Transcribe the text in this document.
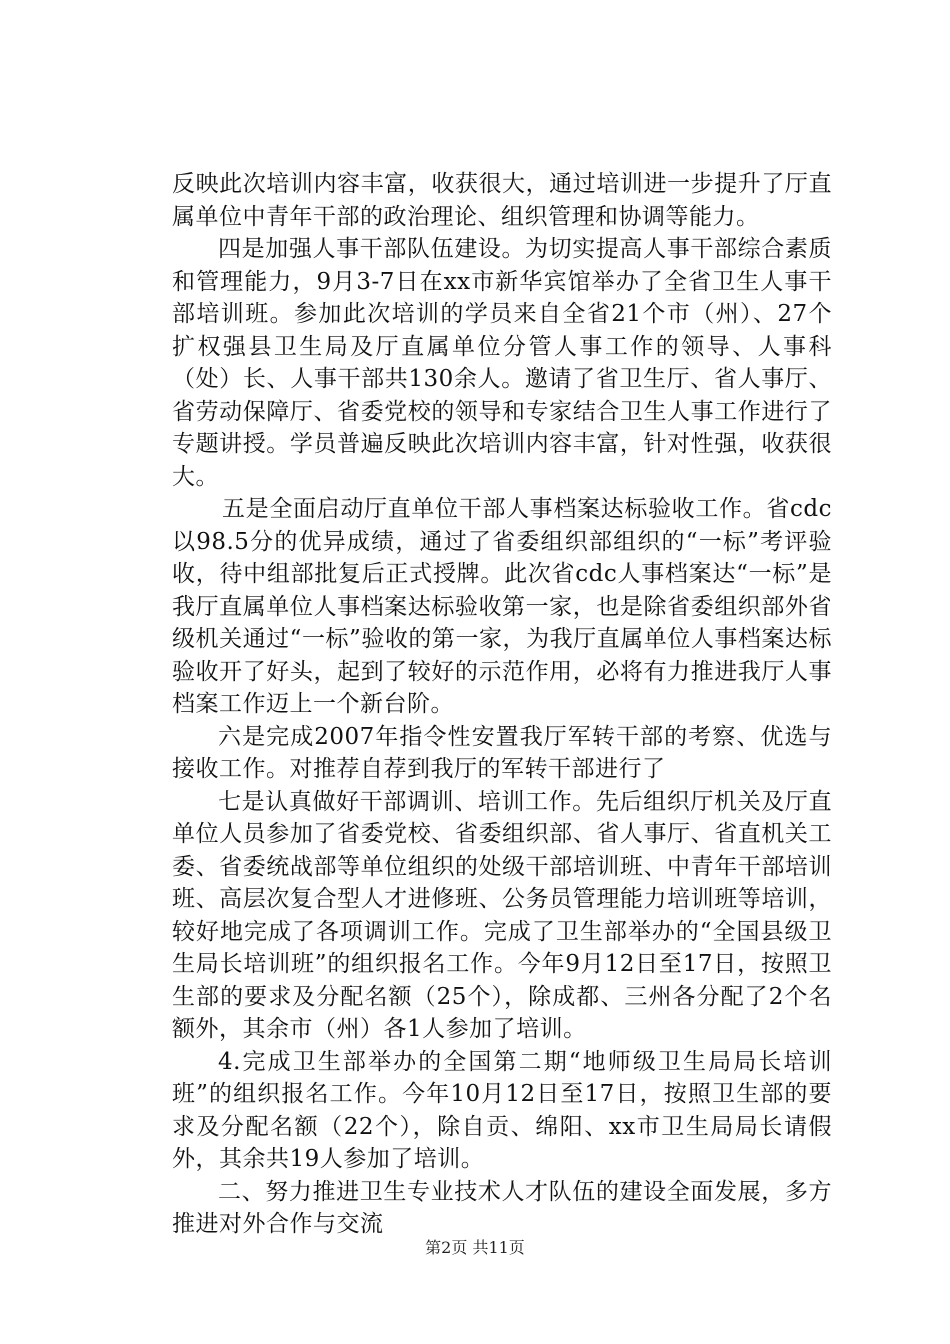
反映此次培训内容丰富，收获很大，通过培训进一步提升了厅直属单位中青年干部的政治理论、组织管理和协调等能力。

四是加强人事干部队伍建设。为切实提高人事干部综合素质和管理能力，9月3-7日在xx市新华宾馆举办了全省卫生人事干部培训班。参加此次培训的学员来自全省21个市（州）、27个扩权强县卫生局及厅直属单位分管人事工作的领导、人事科（处）长、人事干部共130余人。邀请了省卫生厅、省人事厅、省劳动保障厅、省委党校的领导和专家结合卫生人事工作进行了专题讲授。学员普遍反映此次培训内容丰富，针对性强，收获很大。

五是全面启动厅直单位干部人事档案达标验收工作。省cdc以98.5分的优异成绩，通过了省委组织部组织的“一标”考评验收，待中组部批复后正式授牌。此次省cdc人事档案达“一标”是我厅直属单位人事档案达标验收第一家，也是除省委组织部外省级机关通过“一标”验收的第一家，为我厅直属单位人事档案达标验收开了好头，起到了较好的示范作用，必将有力推进我厅人事档案工作迈上一个新台阶。

六是完成2007年指令性安置我厅军转干部的考察、优选与接收工作。对推荐自荐到我厅的军转干部进行了

七是认真做好干部调训、培训工作。先后组织厅机关及厅直单位人员参加了省委党校、省委组织部、省人事厅、省直机关工委、省委统战部等单位组织的处级干部培训班、中青年干部培训班、高层次复合型人才进修班、公务员管理能力培训班等培训，较好地完成了各项调训工作。完成了卫生部举办的“全国县级卫生局长培训班”的组织报名工作。今年9月12日至17日，按照卫生部的要求及分配名额（25个），除成都、三州各分配了2个名额外，其余市（州）各1人参加了培训。

4.完成卫生部举办的全国第二期“地师级卫生局局长培训班”的组织报名工作。今年10月12日至17日，按照卫生部的要求及分配名额（22个），除自贡、绵阳、xx市卫生局局长请假外，其余共19人参加了培训。

二、努力推进卫生专业技术人才队伍的建设全面发展，多方推进对外合作与交流

第2页 共11页
